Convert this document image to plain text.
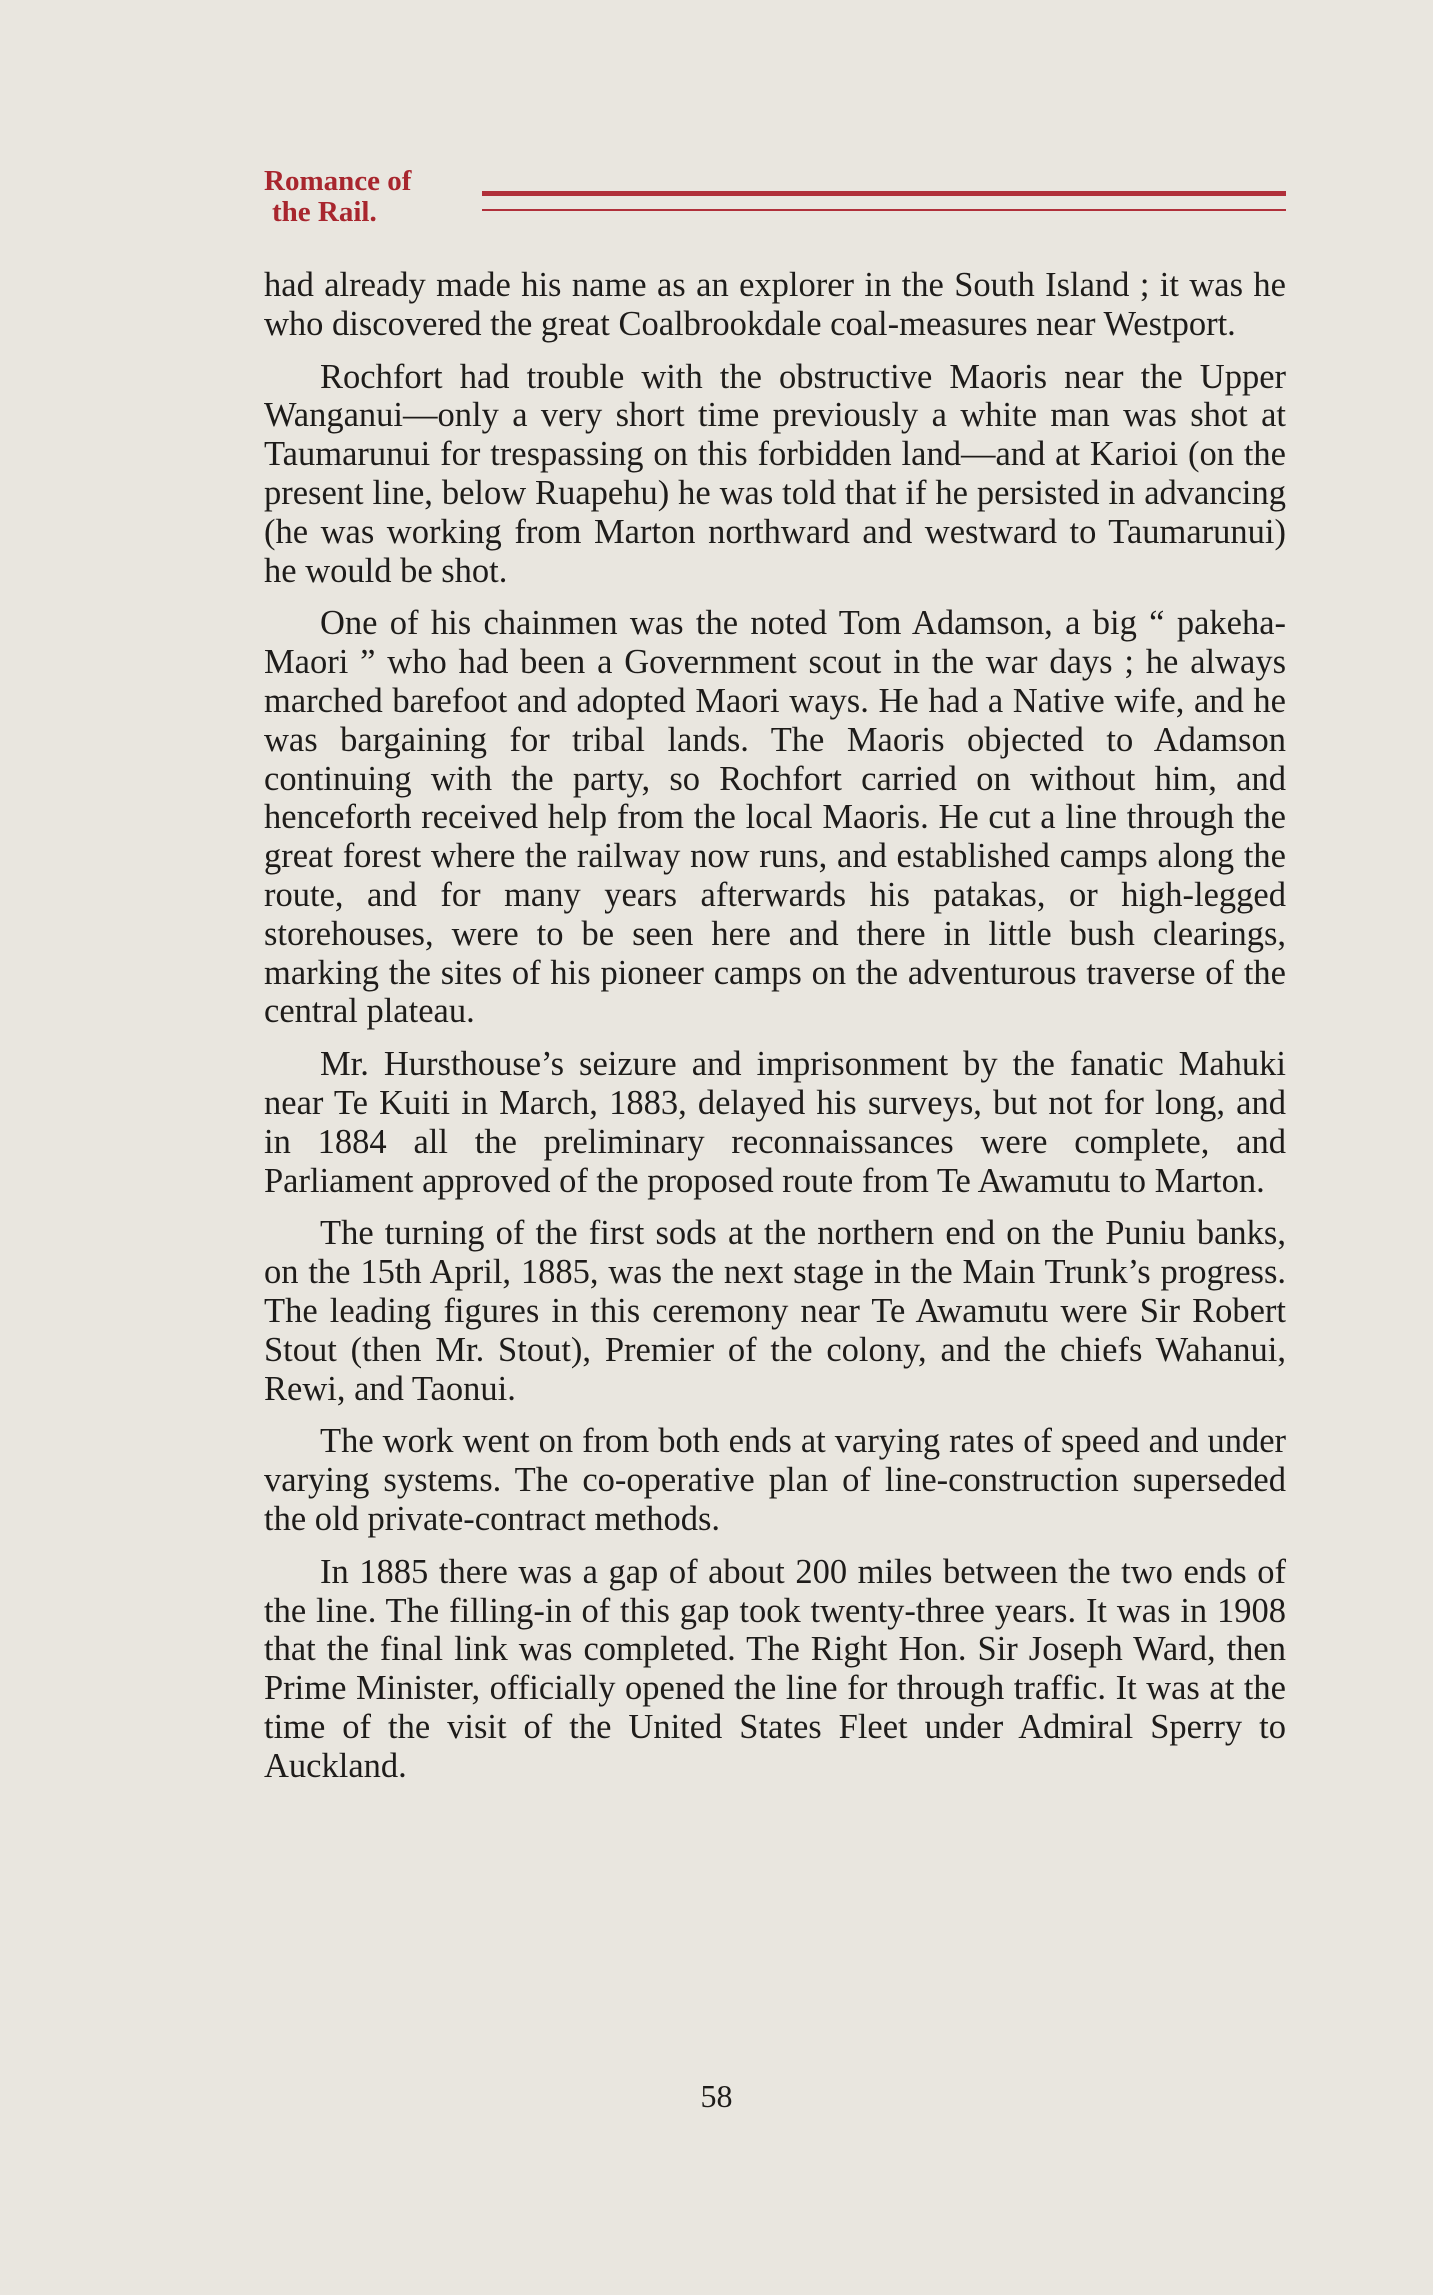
Romance of
the Rail.

had already made his name as an explorer in the South Island ; it was he who discovered the great Coalbrookdale coal-measures near Westport.

Rochfort had trouble with the obstructive Maoris near the Upper Wanganui—only a very short time previously a white man was shot at Taumarunui for trespassing on this forbidden land—and at Karioi (on the present line, below Ruapehu) he was told that if he persisted in advancing (he was working from Marton northward and westward to Taumarunui) he would be shot.

One of his chainmen was the noted Tom Adamson, a big “ pakeha-Maori ” who had been a Government scout in the war days ; he always marched barefoot and adopted Maori ways. He had a Native wife, and he was bargaining for tribal lands. The Maoris objected to Adamson continuing with the party, so Rochfort carried on without him, and henceforth received help from the local Maoris. He cut a line through the great forest where the railway now runs, and established camps along the route, and for many years afterwards his patakas, or high-legged storehouses, were to be seen here and there in little bush clearings, marking the sites of his pioneer camps on the adventurous traverse of the central plateau.

Mr. Hursthouse’s seizure and imprisonment by the fanatic Mahuki near Te Kuiti in March, 1883, delayed his surveys, but not for long, and in 1884 all the preliminary reconnaissances were complete, and Parliament approved of the proposed route from Te Awamutu to Marton.

The turning of the first sods at the northern end on the Puniu banks, on the 15th April, 1885, was the next stage in the Main Trunk’s progress. The leading figures in this ceremony near Te Awamutu were Sir Robert Stout (then Mr. Stout), Premier of the colony, and the chiefs Wahanui, Rewi, and Taonui.

The work went on from both ends at varying rates of speed and under varying systems. The co-operative plan of line-construction superseded the old private-contract methods.

In 1885 there was a gap of about 200 miles between the two ends of the line. The filling-in of this gap took twenty-three years. It was in 1908 that the final link was completed. The Right Hon. Sir Joseph Ward, then Prime Minister, officially opened the line for through traffic. It was at the time of the visit of the United States Fleet under Admiral Sperry to Auckland.

58
